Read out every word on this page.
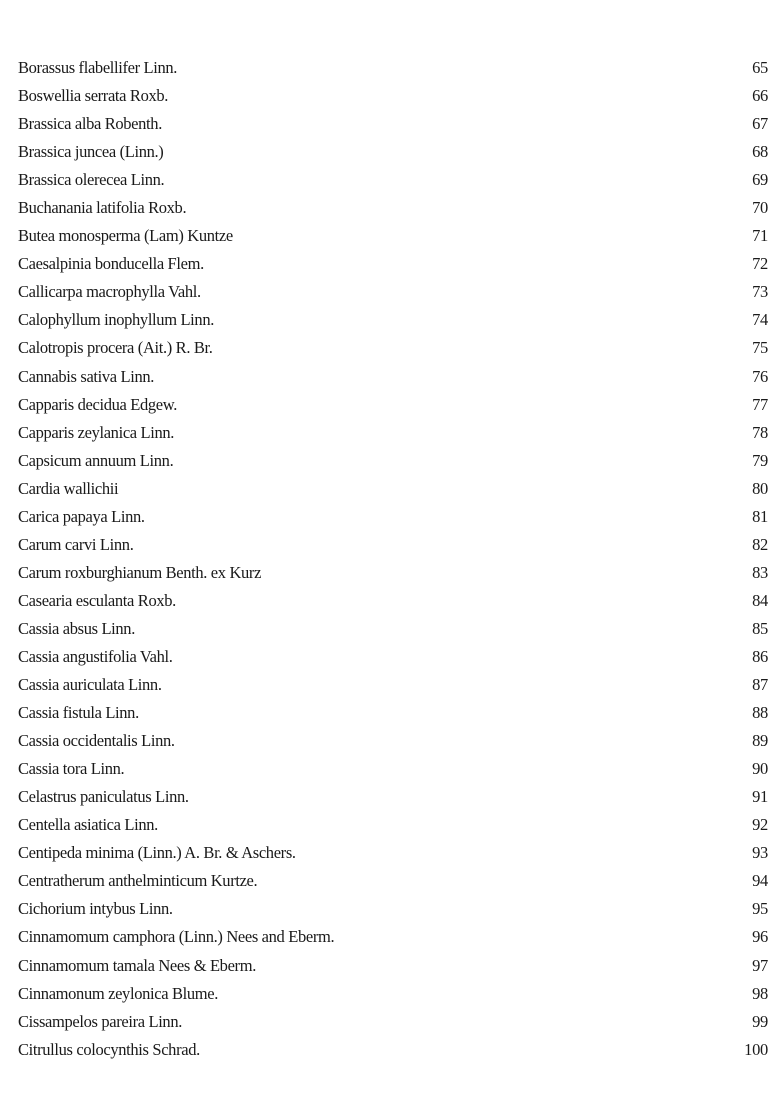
Borassus flabellifer Linn.	65
Boswellia serrata Roxb.	66
Brassica alba Robenth.	67
Brassica juncea (Linn.)	68
Brassica olerecea Linn.	69
Buchanania latifolia Roxb.	70
Butea monosperma (Lam) Kuntze	71
Caesalpinia bonducella Flem.	72
Callicarpa macrophylla Vahl.	73
Calophyllum inophyllum Linn.	74
Calotropis procera (Ait.) R. Br.	75
Cannabis sativa Linn.	76
Capparis decidua Edgew.	77
Capparis zeylanica Linn.	78
Capsicum annuum Linn.	79
Cardia wallichii	80
Carica papaya Linn.	81
Carum carvi Linn.	82
Carum roxburghianum Benth. ex Kurz	83
Casearia esculanta Roxb.	84
Cassia absus Linn.	85
Cassia angustifolia Vahl.	86
Cassia auriculata Linn.	87
Cassia fistula Linn.	88
Cassia occidentalis Linn.	89
Cassia tora Linn.	90
Celastrus paniculatus Linn.	91
Centella asiatica Linn.	92
Centipeda minima (Linn.) A. Br. & Aschers.	93
Centratherum anthelminticum Kurtze.	94
Cichorium intybus Linn.	95
Cinnamomum camphora (Linn.) Nees and Eberm.	96
Cinnamomum tamala Nees & Eberm.	97
Cinnamonum zeylonica Blume.	98
Cissampelos pareira Linn.	99
Citrullus colocynthis Schrad.	100
